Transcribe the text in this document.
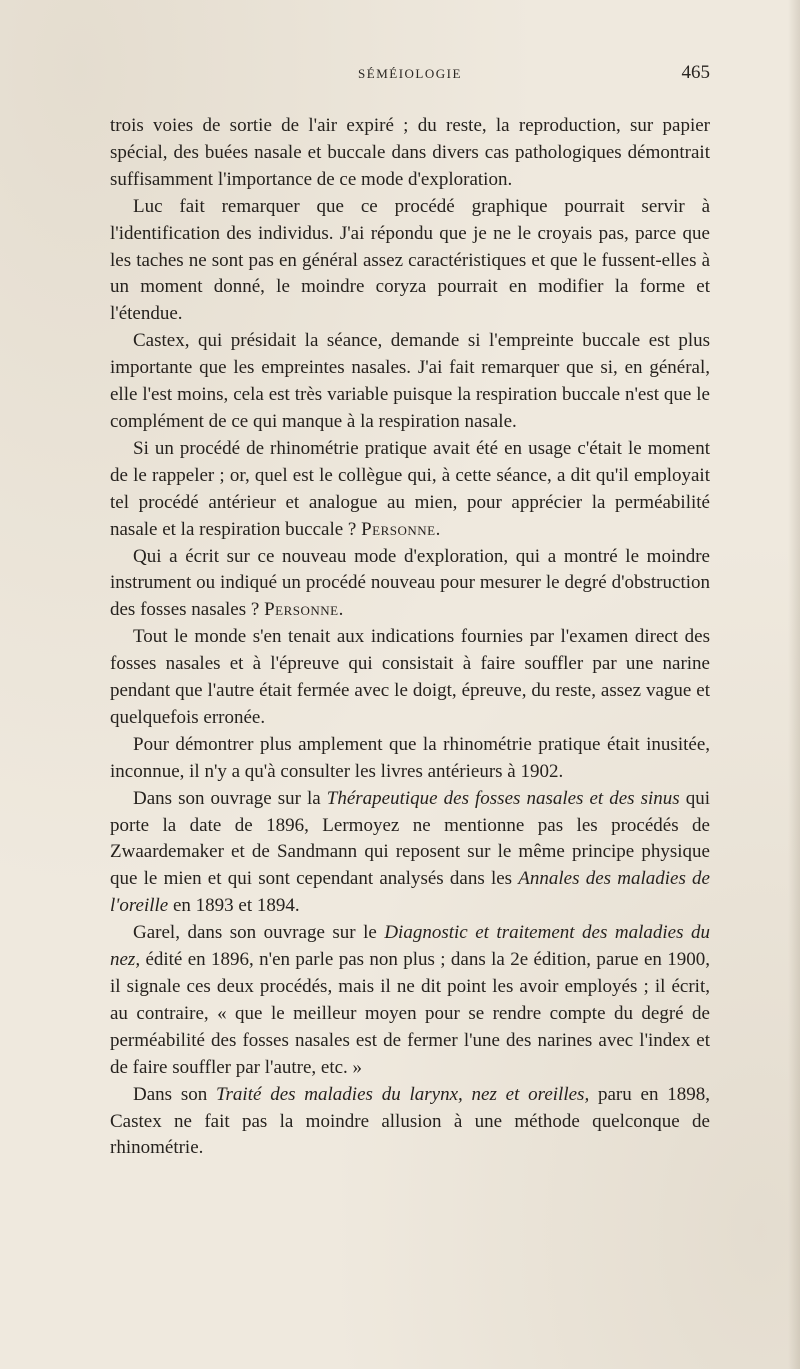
SÉMÉIOLOGIE	465

trois voies de sortie de l'air expiré ; du reste, la reproduction, sur papier spécial, des buées nasale et buccale dans divers cas pathologiques démontrait suffisamment l'importance de ce mode d'exploration.

Luc fait remarquer que ce procédé graphique pourrait servir à l'identification des individus. J'ai répondu que je ne le croyais pas, parce que les taches ne sont pas en général assez caractéristiques et que le fussent-elles à un moment donné, le moindre coryza pourrait en modifier la forme et l'étendue.

Castex, qui présidait la séance, demande si l'empreinte buccale est plus importante que les empreintes nasales. J'ai fait remarquer que si, en général, elle l'est moins, cela est très variable puisque la respiration buccale n'est que le complément de ce qui manque à la respiration nasale.

Si un procédé de rhinométrie pratique avait été en usage c'était le moment de le rappeler ; or, quel est le collègue qui, à cette séance, a dit qu'il employait tel procédé antérieur et analogue au mien, pour apprécier la perméabilité nasale et la respiration buccale ? Personne.

Qui a écrit sur ce nouveau mode d'exploration, qui a montré le moindre instrument ou indiqué un procédé nouveau pour mesurer le degré d'obstruction des fosses nasales ? Personne.

Tout le monde s'en tenait aux indications fournies par l'examen direct des fosses nasales et à l'épreuve qui consistait à faire souffler par une narine pendant que l'autre était fermée avec le doigt, épreuve, du reste, assez vague et quelquefois erronée.

Pour démontrer plus amplement que la rhinométrie pratique était inusitée, inconnue, il n'y a qu'à consulter les livres antérieurs à 1902.

Dans son ouvrage sur la Thérapeutique des fosses nasales et des sinus qui porte la date de 1896, Lermoyez ne mentionne pas les procédés de Zwaardemaker et de Sandmann qui reposent sur le même principe physique que le mien et qui sont cependant analysés dans les Annales des maladies de l'oreille en 1893 et 1894.

Garel, dans son ouvrage sur le Diagnostic et traitement des maladies du nez, édité en 1896, n'en parle pas non plus ; dans la 2e édition, parue en 1900, il signale ces deux procédés, mais il ne dit point les avoir employés ; il écrit, au contraire, « que le meilleur moyen pour se rendre compte du degré de perméabilité des fosses nasales est de fermer l'une des narines avec l'index et de faire souffler par l'autre, etc. »

Dans son Traité des maladies du larynx, nez et oreilles, paru en 1898, Castex ne fait pas la moindre allusion à une méthode quelconque de rhinométrie.
